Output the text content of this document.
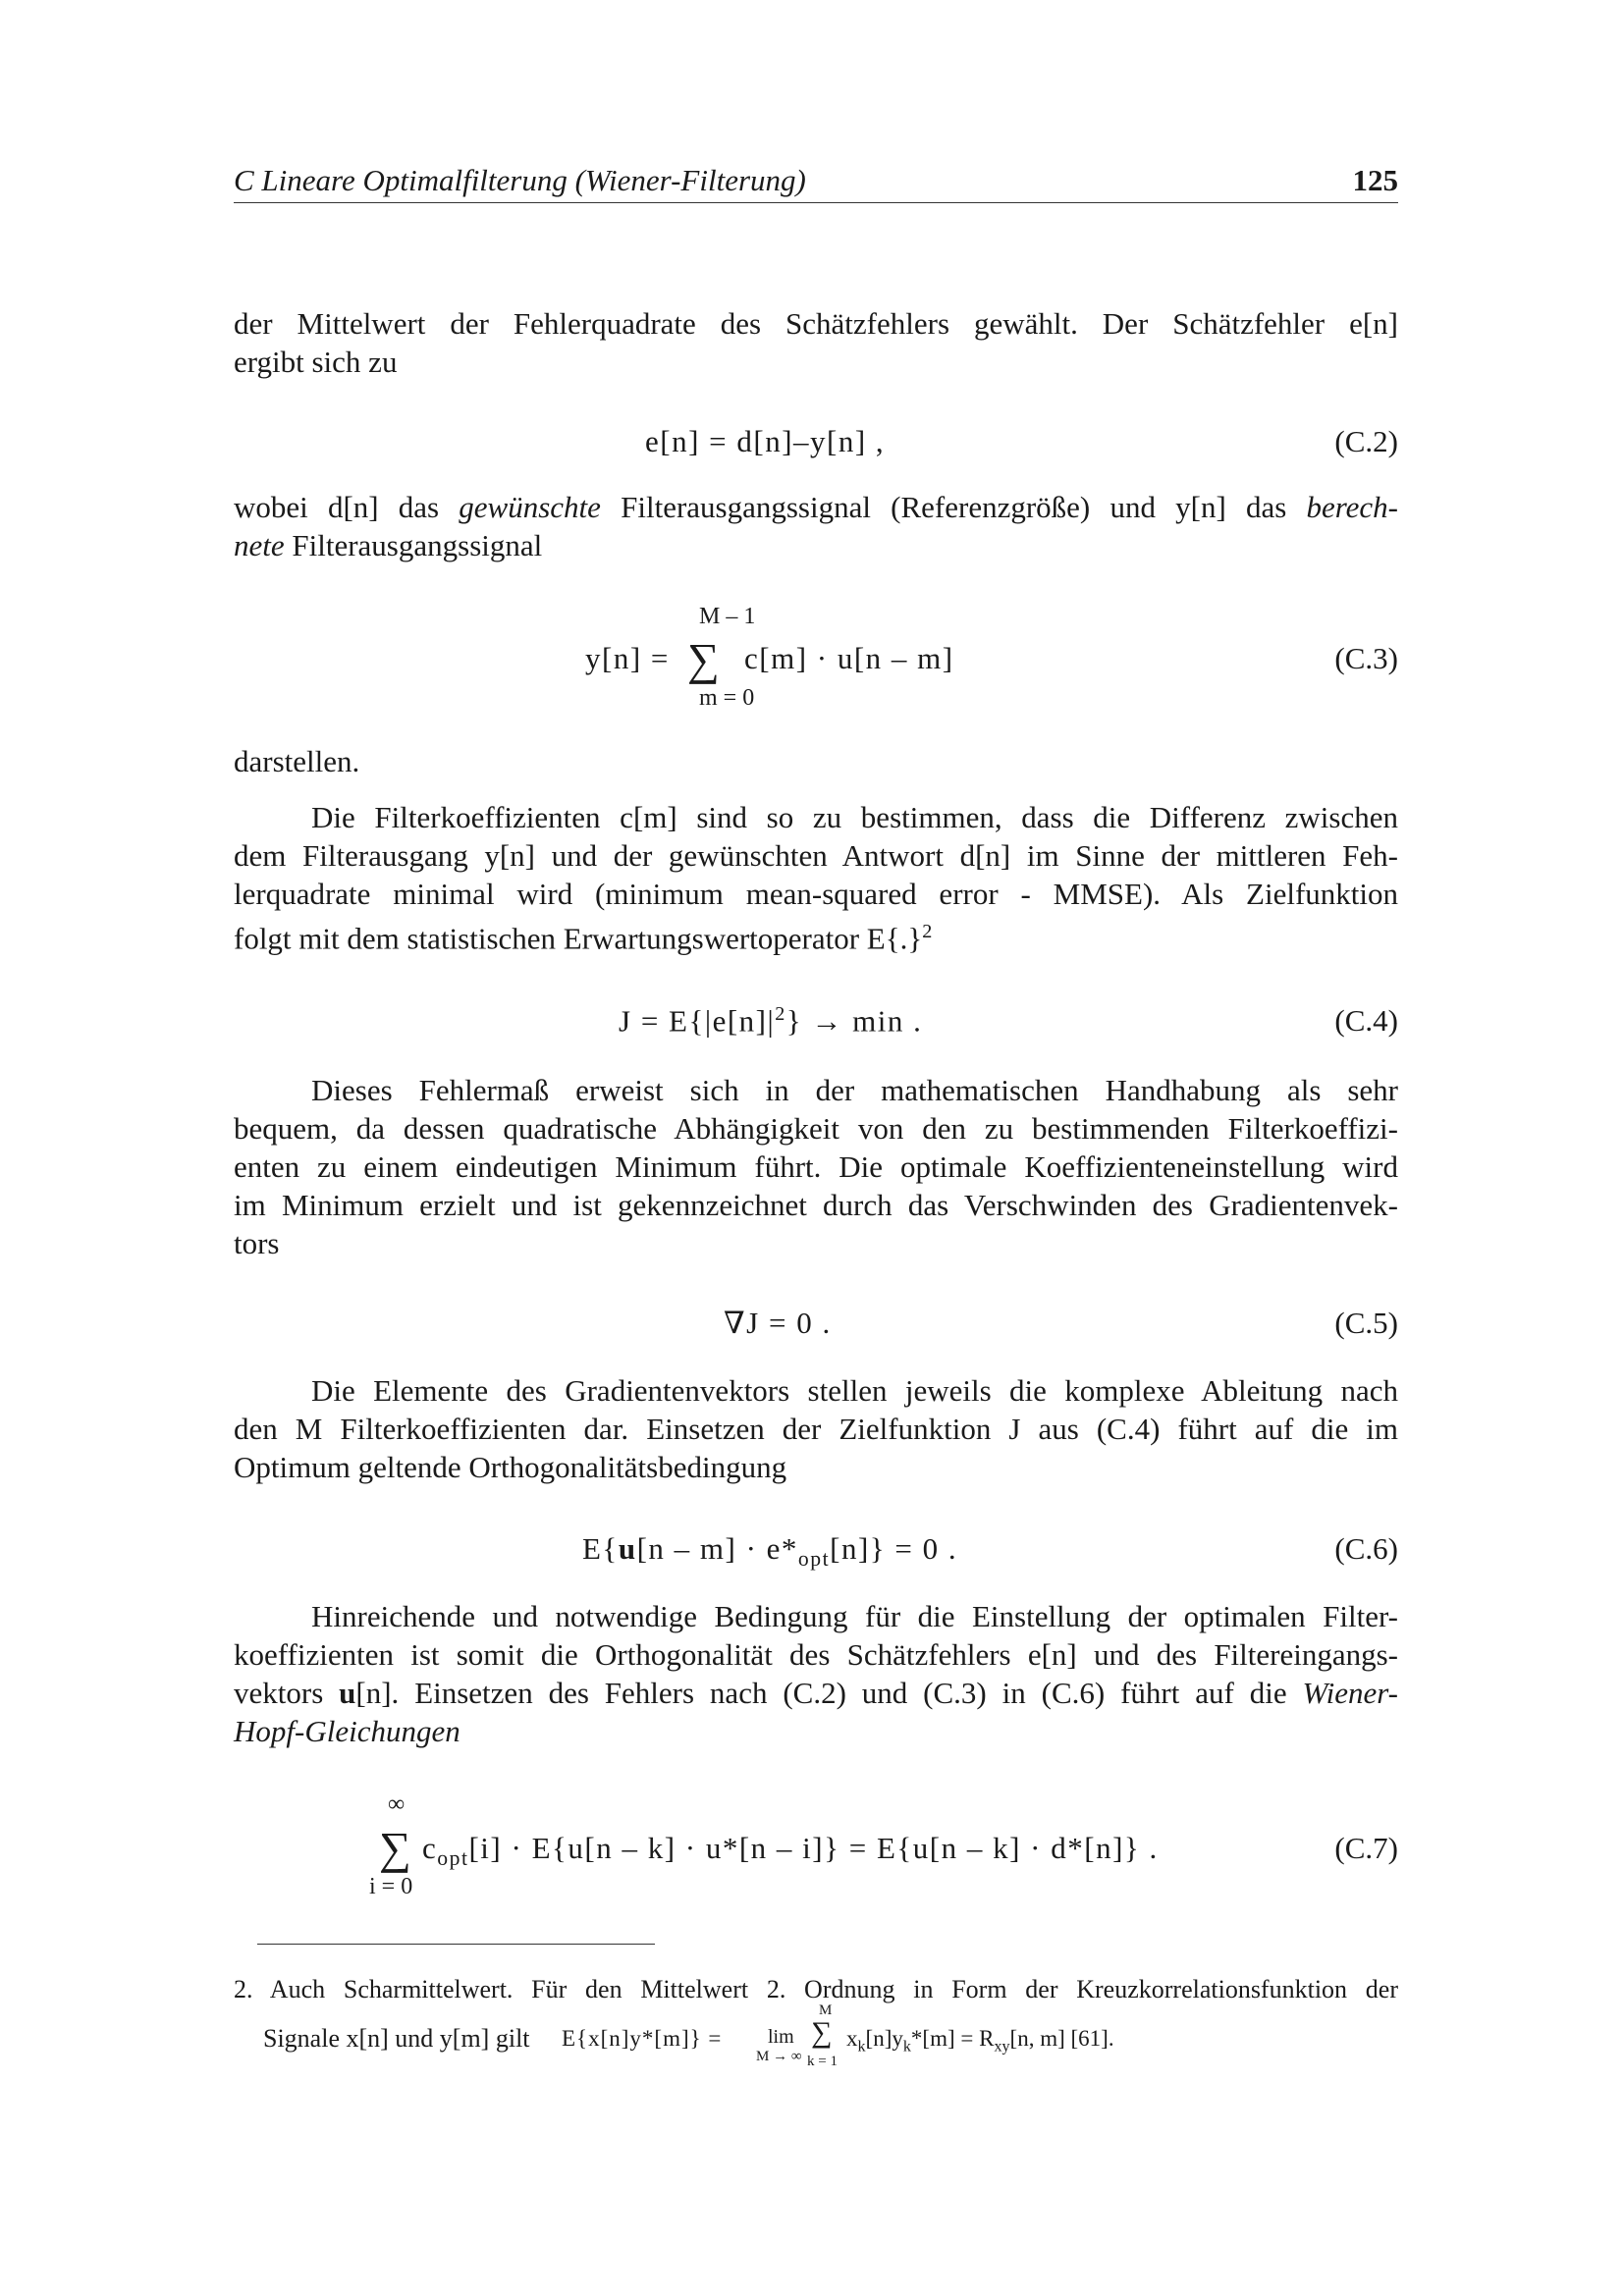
C Lineare Optimalfilterung (Wiener-Filterung)	125
der Mittelwert der Fehlerquadrate des Schätzfehlers gewählt. Der Schätzfehler e[n]
ergibt sich zu
e[n] = d[n]–y[n] ,	(C.2)
wobei d[n] das gewünschte Filterausgangssignal (Referenzgröße) und y[n] das berech-
nete Filterausgangssignal
y[n] =
M – 1
∑
m = 0
c[m] · u[n – m]	(C.3)
darstellen.
Die Filterkoeffizienten c[m] sind so zu bestimmen, dass die Differenz zwischen
dem Filterausgang y[n] und der gewünschten Antwort d[n] im Sinne der mittleren Feh-
lerquadrate minimal wird (minimum mean-squared error - MMSE). Als Zielfunktion
folgt mit dem statistischen Erwartungswertoperator E{.}$^2$
$J = E\{|e[n]|^2\} \to \min$ .	(C.4)
Dieses Fehlermaß erweist sich in der mathematischen Handhabung als sehr
bequem, da dessen quadratische Abhängigkeit von den zu bestimmenden Filterkoeffizi-
enten zu einem eindeutigen Minimum führt. Die optimale Koeffizienteneinstellung wird
im Minimum erzielt und ist gekennzeichnet durch das Verschwinden des Gradientenvek-
tors
∇J = 0 .	(C.5)
Die Elemente des Gradientenvektors stellen jeweils die komplexe Ableitung nach
den M Filterkoeffizienten dar. Einsetzen der Zielfunktion J aus (C.4) führt auf die im
Optimum geltende Orthogonalitätsbedingung
$E\{u[n - m] \cdot e*_{opt}[n]\} = 0$ .	(C.6)
Hinreichende und notwendige Bedingung für die Einstellung der optimalen Filter-
koeffizienten ist somit die Orthogonalität des Schätzfehlers e[n] und des Filtereingangs-
vektors u[n]. Einsetzen des Fehlers nach (C.2) und (C.3) in (C.6) führt auf die Wiener-
Hopf-Gleichungen
∞
∑
i = 0
$c_{opt}[i] \cdot E\{u[n - k] \cdot u*[n - i]\} = E\{u[n - k] \cdot d*[n]\}$ .	(C.7)
2. Auch Scharmittelwert. Für den Mittelwert 2. Ordnung in Form der Kreuzkorrelationsfunktion der
Signale x[n] und y[m] gilt E{x[n]y*[m]} = lim
M → ∞
M
∑
k = 1
$x_k[n]y_k*[m] = R_{xy}[n$, m] [61].
